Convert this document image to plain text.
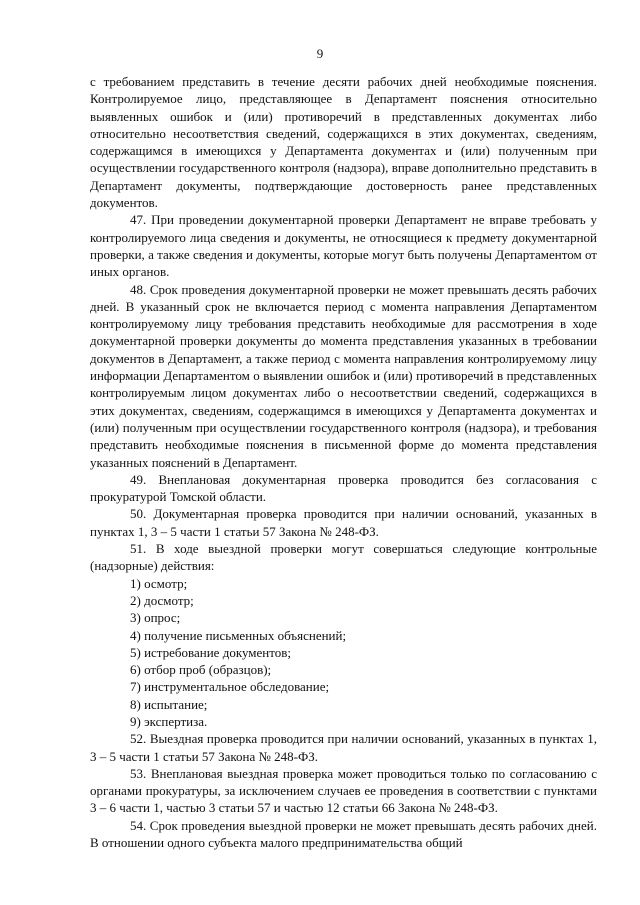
9

с требованием представить в течение десяти рабочих дней необходимые пояснения. Контролируемое лицо, представляющее в Департамент пояснения относительно выявленных ошибок и (или) противоречий в представленных документах либо относительно несоответствия сведений, содержащихся в этих документах, сведениям, содержащимся в имеющихся у Департамента документах и (или) полученным при осуществлении государственного контроля (надзора), вправе дополнительно представить в Департамент документы, подтверждающие достоверность ранее представленных документов.

47. При проведении документарной проверки Департамент не вправе требовать у контролируемого лица сведения и документы, не относящиеся к предмету документарной проверки, а также сведения и документы, которые могут быть получены Департаментом от иных органов.

48. Срок проведения документарной проверки не может превышать десять рабочих дней. В указанный срок не включается период с момента направления Департаментом контролируемому лицу требования представить необходимые для рассмотрения в ходе документарной проверки документы до момента представления указанных в требовании документов в Департамент, а также период с момента направления контролируемому лицу информации Департаментом о выявлении ошибок и (или) противоречий в представленных контролируемым лицом документах либо о несоответствии сведений, содержащихся в этих документах, сведениям, содержащимся в имеющихся у Департамента документах и (или) полученным при осуществлении государственного контроля (надзора), и требования представить необходимые пояснения в письменной форме до момента представления указанных пояснений в Департамент.

49. Внеплановая документарная проверка проводится без согласования с прокуратурой Томской области.

50. Документарная проверка проводится при наличии оснований, указанных в пунктах 1, 3 – 5 части 1 статьи 57 Закона № 248-ФЗ.

51. В ходе выездной проверки могут совершаться следующие контрольные (надзорные) действия:

1) осмотр;

2) досмотр;

3) опрос;

4) получение письменных объяснений;

5) истребование документов;

6) отбор проб (образцов);

7) инструментальное обследование;

8) испытание;

9) экспертиза.

52. Выездная проверка проводится при наличии оснований, указанных в пунктах 1, 3 – 5 части 1 статьи 57 Закона № 248-ФЗ.

53. Внеплановая выездная проверка может проводиться только по согласованию с органами прокуратуры, за исключением случаев ее проведения в соответствии с пунктами 3 – 6 части 1, частью 3 статьи 57 и частью 12 статьи 66 Закона № 248-ФЗ.

54. Срок проведения выездной проверки не может превышать десять рабочих дней. В отношении одного субъекта малого предпринимательства общий
